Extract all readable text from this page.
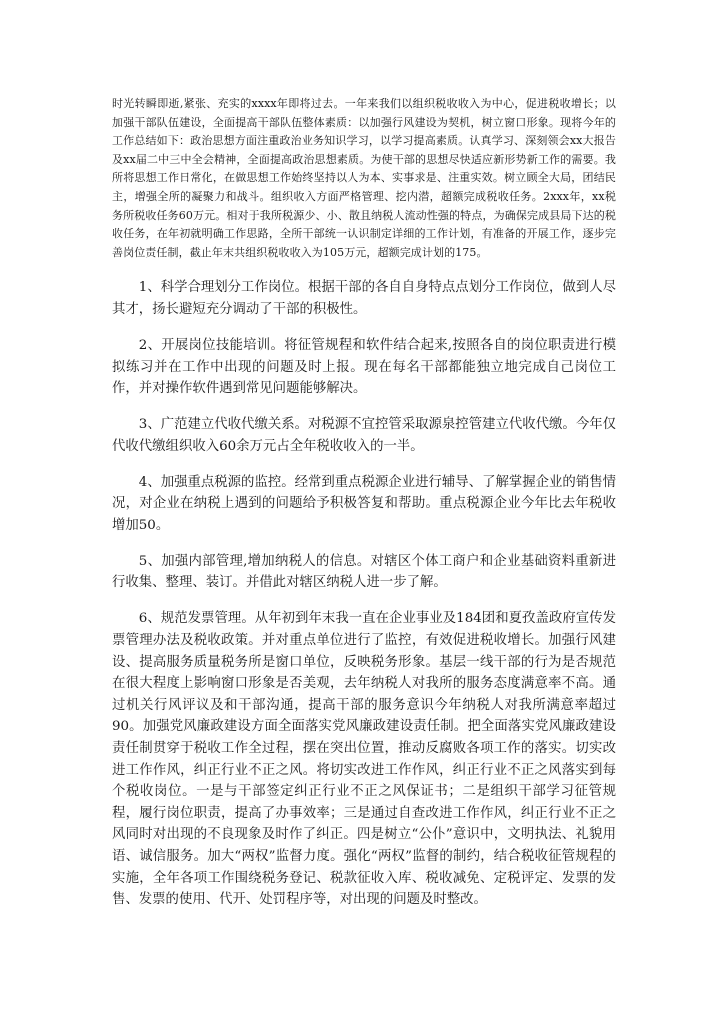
时光转瞬即逝,紧张、充实的xxxx年即将过去。一年来我们以组织税收收入为中心，促进税收增长；以加强干部队伍建设，全面提高干部队伍整体素质：以加强行风建设为契机，树立窗口形象。现将今年的工作总结如下：政治思想方面注重政治业务知识学习，以学习提高素质。认真学习、深刻领会xx大报告及xx届二中三中全会精神，全面提高政治思想素质。为使干部的思想尽快适应新形势新工作的需要。我所将思想工作日常化，在做思想工作始终坚持以人为本、实事求是、注重实效。树立顾全大局，团结民主，增强全所的凝聚力和战斗。组织收入方面严格管理、挖内潜，超额完成税收任务。2xxx年，xx税务所税收任务60万元。相对于我所税源少、小、散且纳税人流动性强的特点，为确保完成县局下达的税收任务，在年初就明确工作思路，全所干部统一认识制定详细的工作计划，有准备的开展工作，逐步完善岗位责任制，截止年末共组织税收收入为105万元，超额完成计划的175。

1、科学合理划分工作岗位。根据干部的各自自身特点点划分工作岗位，做到人尽其才，扬长避短充分调动了干部的积极性。

2、开展岗位技能培训。将征管规程和软件结合起来,按照各自的岗位职责进行模拟练习并在工作中出现的问题及时上报。现在每名干部都能独立地完成自己岗位工作，并对操作软件遇到常见问题能够解决。

3、广范建立代收代缴关系。对税源不宜控管采取源泉控管建立代收代缴。今年仅代收代缴组织收入60余万元占全年税收收入的一半。

4、加强重点税源的监控。经常到重点税源企业进行辅导、了解掌握企业的销售情况，对企业在纳税上遇到的问题给予积极答复和帮助。重点税源企业今年比去年税收增加50。

5、加强内部管理,增加纳税人的信息。对辖区个体工商户和企业基础资料重新进行收集、整理、装订。并借此对辖区纳税人进一步了解。

6、规范发票管理。从年初到年末我一直在企业事业及184团和夏孜盖政府宣传发票管理办法及税收政策。并对重点单位进行了监控，有效促进税收增长。加强行风建设、提高服务质量税务所是窗口单位，反映税务形象。基层一线干部的行为是否规范在很大程度上影响窗口形象是否美观，去年纳税人对我所的服务态度满意率不高。通过机关行风评议及和干部沟通，提高干部的服务意识今年纳税人对我所满意率超过90。加强党风廉政建设方面全面落实党风廉政建设责任制。把全面落实党风廉政建设责任制贯穿于税收工作全过程，摆在突出位置，推动反腐败各项工作的落实。切实改进工作作风，纠正行业不正之风。将切实改进工作作风，纠正行业不正之风落实到每个税收岗位。一是与干部签定纠正行业不正之风保证书；二是组织干部学习征管规程，履行岗位职责，提高了办事效率；三是通过自查改进工作作风，纠正行业不正之风同时对出现的不良现象及时作了纠正。四是树立“公仆”意识中，文明执法、礼貌用语、诚信服务。加大“两权”监督力度。强化“两权”监督的制约，结合税收征管规程的实施，全年各项工作围绕税务登记、税款征收入库、税收减免、定税评定、发票的发售、发票的使用、代开、处罚程序等，对出现的问题及时整改。
